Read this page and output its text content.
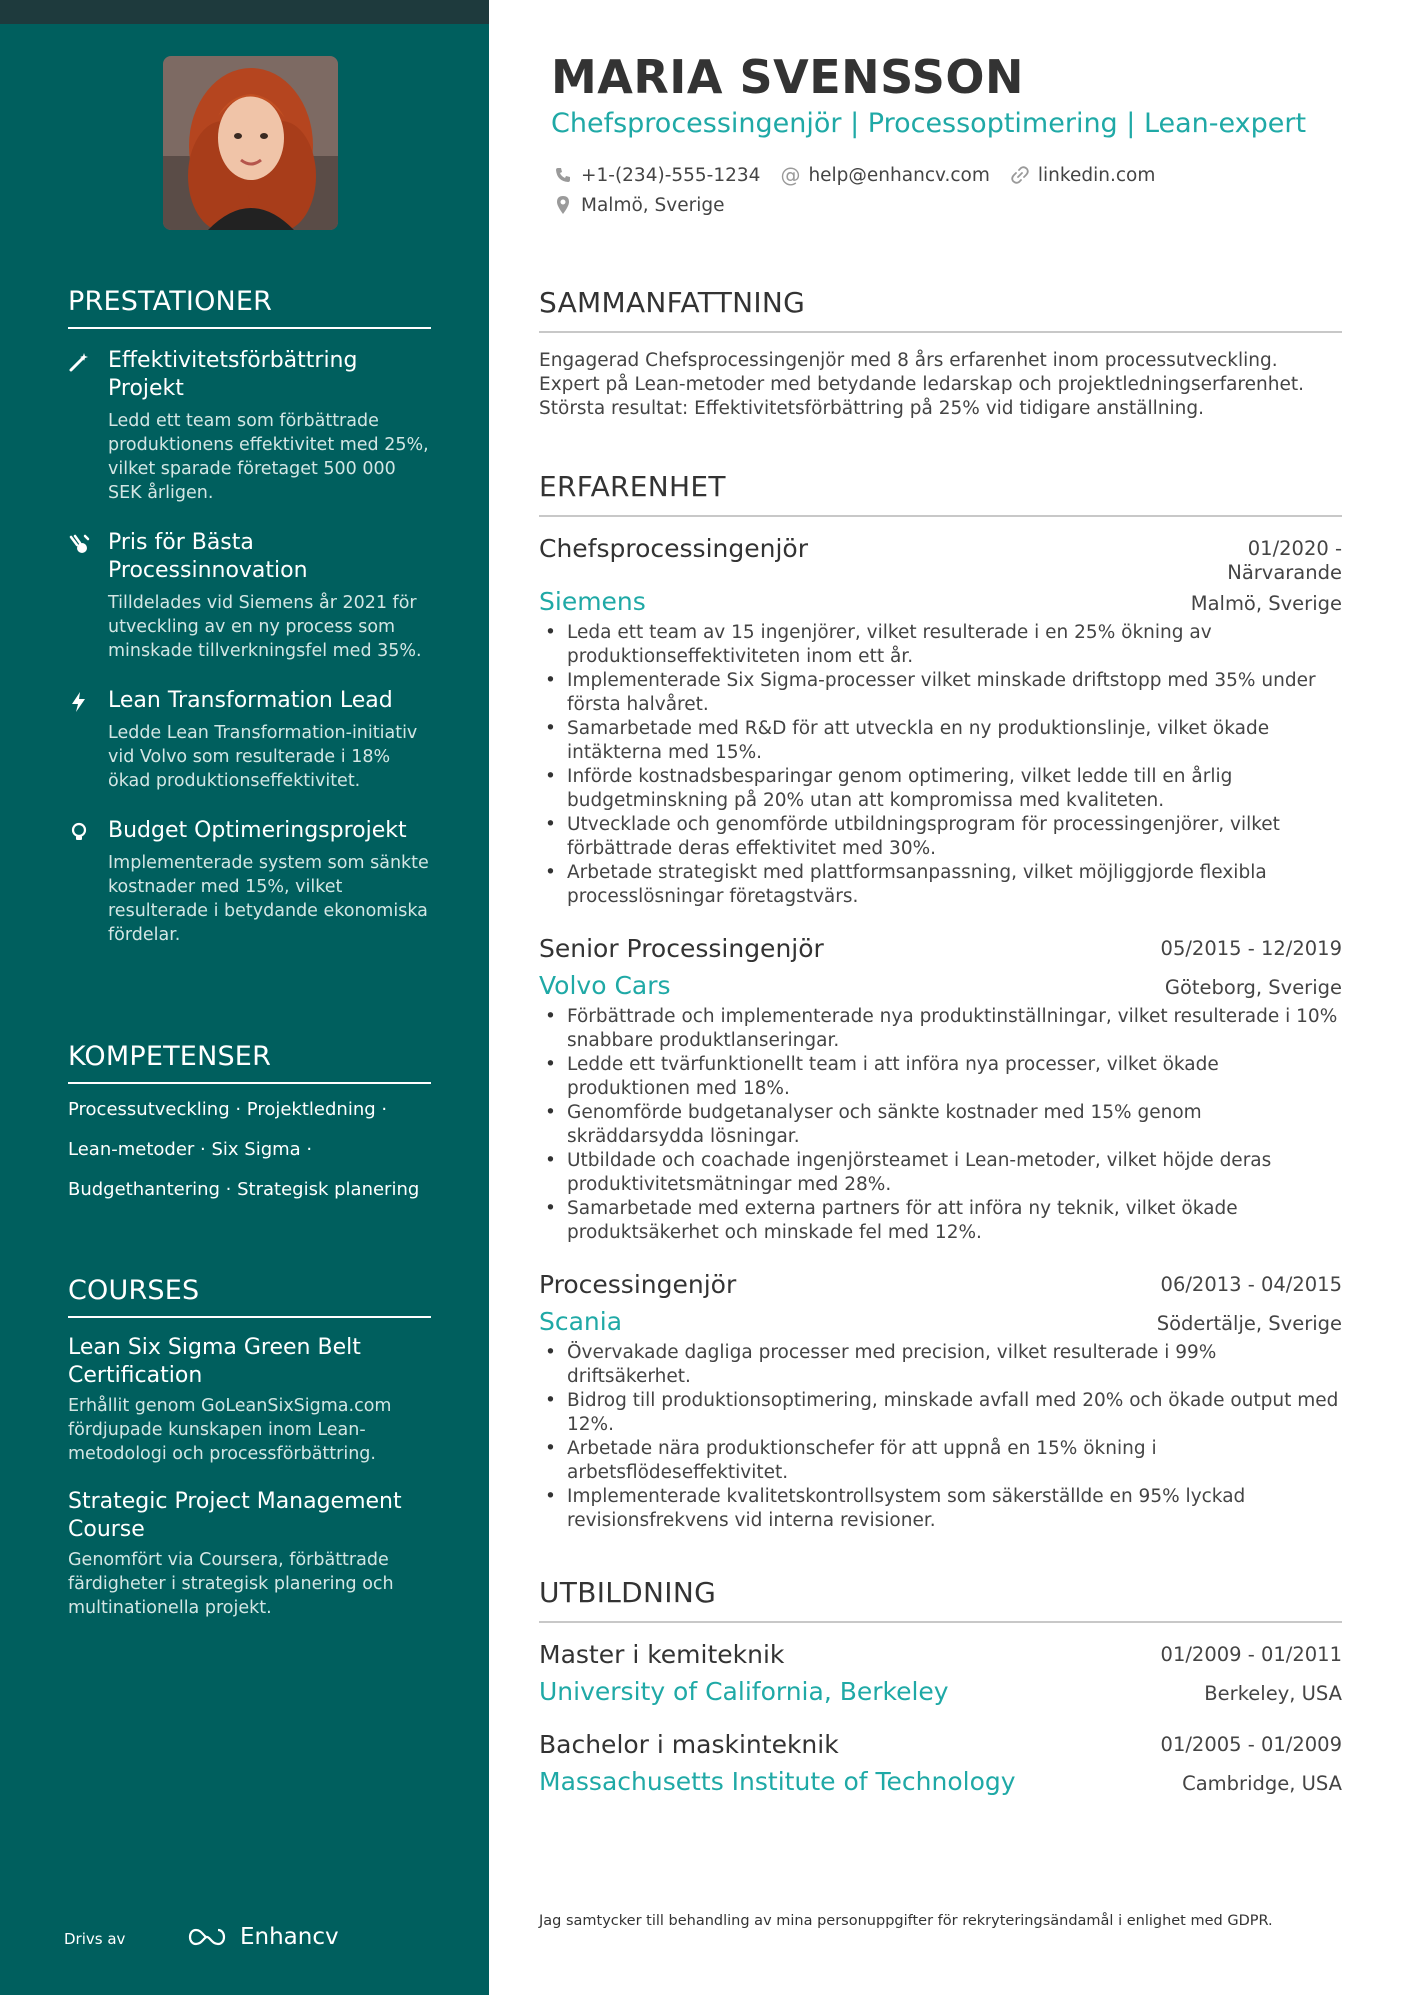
PRESTATIONER
Effektivitetsförbättring Projekt
Ledd ett team som förbättrade produktionens effektivitet med 25%, vilket sparade företaget 500 000 SEK årligen.
Pris för Bästa Processinnovation
Tilldelades vid Siemens år 2021 för utveckling av en ny process som minskade tillverkningsfel med 35%.
Lean Transformation Lead
Ledde Lean Transformation-initiativ vid Volvo som resulterade i 18% ökad produktionseffektivitet.
Budget Optimeringsprojekt
Implementerade system som sänkte kostnader med 15%, vilket resulterade i betydande ekonomiska fördelar.
KOMPETENSER
Processutveckling · Projektledning ·
Lean-metoder · Six Sigma ·
Budgethantering · Strategisk planering
COURSES
Lean Six Sigma Green Belt Certification
Erhållit genom GoLeanSixSigma.com fördjupade kunskapen inom Lean-metodologi och processförbättring.
Strategic Project Management Course
Genomfört via Coursera, förbättrade färdigheter i strategisk planering och multinationella projekt.
Drivs av	Enhancv
MARIA SVENSSON
Chefsprocessingenjör | Processoptimering | Lean-expert
+1-(234)-555-1234 @ help@enhancv.com	linkedin.com
Malmö, Sverige
SAMMANFATTNING

Engagerad Chefsprocessingenjör med 8 års erfarenhet inom processutveckling. Expert på Lean-metoder med betydande ledarskap och projektledningserfarenhet. Största resultat: Effektivitetsförbättring på 25% vid tidigare anställning.

ERFARENHET
Chefsprocessingenjör	01/2020 - Närvarande
Siemens	Malmö, Sverige
• Leda ett team av 15 ingenjörer, vilket resulterade i en 25% ökning av produktionseffektiviteten inom ett år.
• Implementerade Six Sigma-processer vilket minskade driftstopp med 35% under första halvåret.
• Samarbetade med R&D för att utveckla en ny produktionslinje, vilket ökade intäkterna med 15%.
• Införde kostnadsbesparingar genom optimering, vilket ledde till en årlig budgetminskning på 20% utan att kompromissa med kvaliteten.
• Utvecklade och genomförde utbildningsprogram för processingenjörer, vilket förbättrade deras effektivitet med 30%.
• Arbetade strategiskt med plattformsanpassning, vilket möjliggjorde flexibla processlösningar företagstvärs.
Senior Processingenjör	05/2015 - 12/2019
Volvo Cars	Göteborg, Sverige
• Förbättrade och implementerade nya produktinställningar, vilket resulterade i 10% snabbare produktlanseringar.
• Ledde ett tvärfunktionellt team i att införa nya processer, vilket ökade produktionen med 18%.
• Genomförde budgetanalyser och sänkte kostnader med 15% genom skräddarsydda lösningar.
• Utbildade och coachade ingenjörsteamet i Lean-metoder, vilket höjde deras produktivitetsmätningar med 28%.
• Samarbetade med externa partners för att införa ny teknik, vilket ökade produktsäkerhet och minskade fel med 12%.
Processingenjör	06/2013 - 04/2015
Scania	Södertälje, Sverige
• Övervakade dagliga processer med precision, vilket resulterade i 99% driftsäkerhet.
• Bidrog till produktionsoptimering, minskade avfall med 20% och ökade output med 12%.
• Arbetade nära produktionschefer för att uppnå en 15% ökning i arbetsflödeseffektivitet.
• Implementerade kvalitetskontrollsystem som säkerställde en 95% lyckad revisionsfrekvens vid interna revisioner.
UTBILDNING
Master i kemiteknik	01/2009 - 01/2011
University of California, Berkeley	Berkeley, USA
Bachelor i maskinteknik	01/2005 - 01/2009
Massachusetts Institute of Technology	Cambridge, USA

Jag samtycker till behandling av mina personuppgifter för rekryteringsändamål i enlighet med GDPR.
